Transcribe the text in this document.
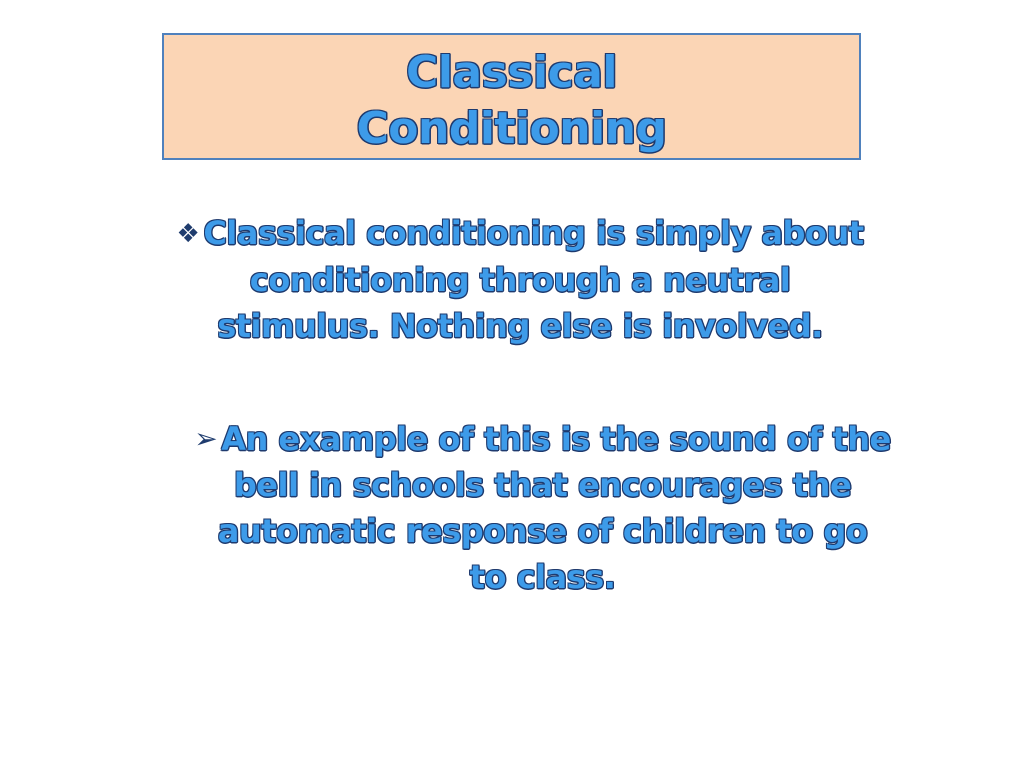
Classical
Conditioning
❖ Classical conditioning is simply about
conditioning through a neutral
stimulus. Nothing else is involved.
➢ An example of this is the sound of the
bell in schools that encourages the
automatic response of children to go
to class.
